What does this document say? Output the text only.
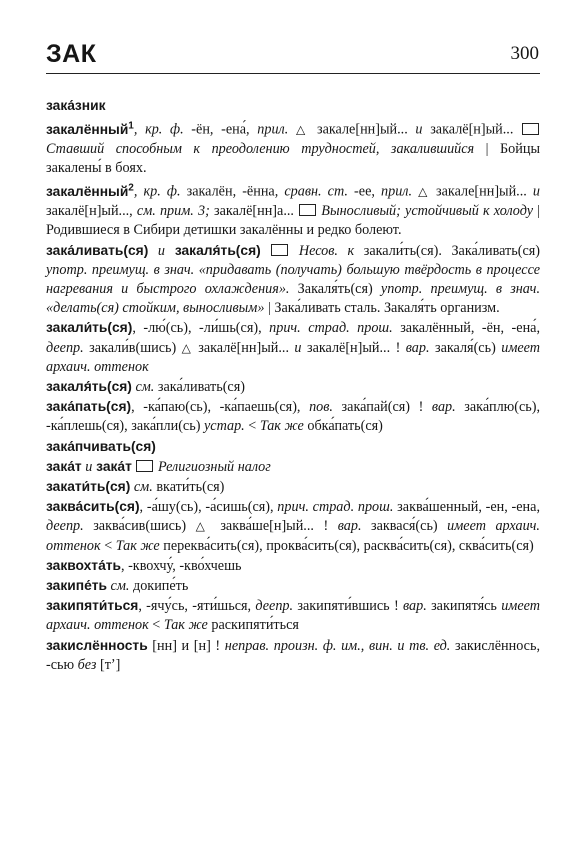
ЗАК	300

зака́зник

закалённый$^1$, кр. ф. -ён, -ена́, прил. △ закале[нн]ый... и закалё[н]ый...  Ставший способным к преодолению трудностей, закалившийся | Бойцы закалены́ в боях.

закалённый$^2$, кр. ф. закалён, -ённа, сравн. ст. -ее, прил. △ закале[нн]ый... и закалё[н]ый..., см. прим. 3; закалё[нн]а...  Выносливый; устойчивый к холоду | Родившиеся в Сибири детишки закалённы и редко болеют.

зака́ливать(ся) и закаля́ть(ся)  Несов. к закали́ть(ся). Зака́ливать(ся) употр. преимущ. в знач. «придавать (получать) большую твёрдость в процессе нагревания и быстрого охлаждения». Закаля́ть(ся) употр. преимущ. в знач. «делать(ся) стойким, выносливым» | Зака́ливать сталь. Закаля́ть организм.

закали́ть(ся), -лю́(сь), -ли́шь(ся), прич. страд. прош. закалённый, -ён, -ена́, деепр. закали́в(шись) △ закалё[нн]ый... и закалё[н]ый... ! вар. закаля́(сь) имеет архаич. оттенок

закаля́ть(ся) см. зака́ливать(ся)

зака́пать(ся), -ка́паю(сь), -ка́паешь(ся), пов. зака́пай(ся) ! вар. зака́плю(сь), -ка́плешь(ся), зака́пли(сь) устар. < Так же обка́пать(ся)

зака́пчивать(ся)

зака́т и зака́т  Религиозный налог

закати́ть(ся) см. вкати́ть(ся)

заква́сить(ся), -а́шу(сь), -а́сишь(ся), прич. страд. прош. заква́шенный, -ен, -ена, деепр. заква́сив(шись) △ заква́ше[н]ый... ! вар. заквася́(сь) имеет архаич. оттенок < Так же переква́сить(ся), проква́сить(ся), расква́сить(ся), сква́сить(ся)

заквохта́ть, -квохчу́, -кво́хчешь

закипе́ть см. докипе́ть

закипяти́ться, -ячу́сь, -яти́шься, деепр. закипяти́вшись ! вар. закипятя́сь имеет архаич. оттенок < Так же раскипяти́ться

закислённость [нн] и [н] ! неправ. произн. ф. им., вин. и тв. ед. закислённось, -сью без [тʼ]
